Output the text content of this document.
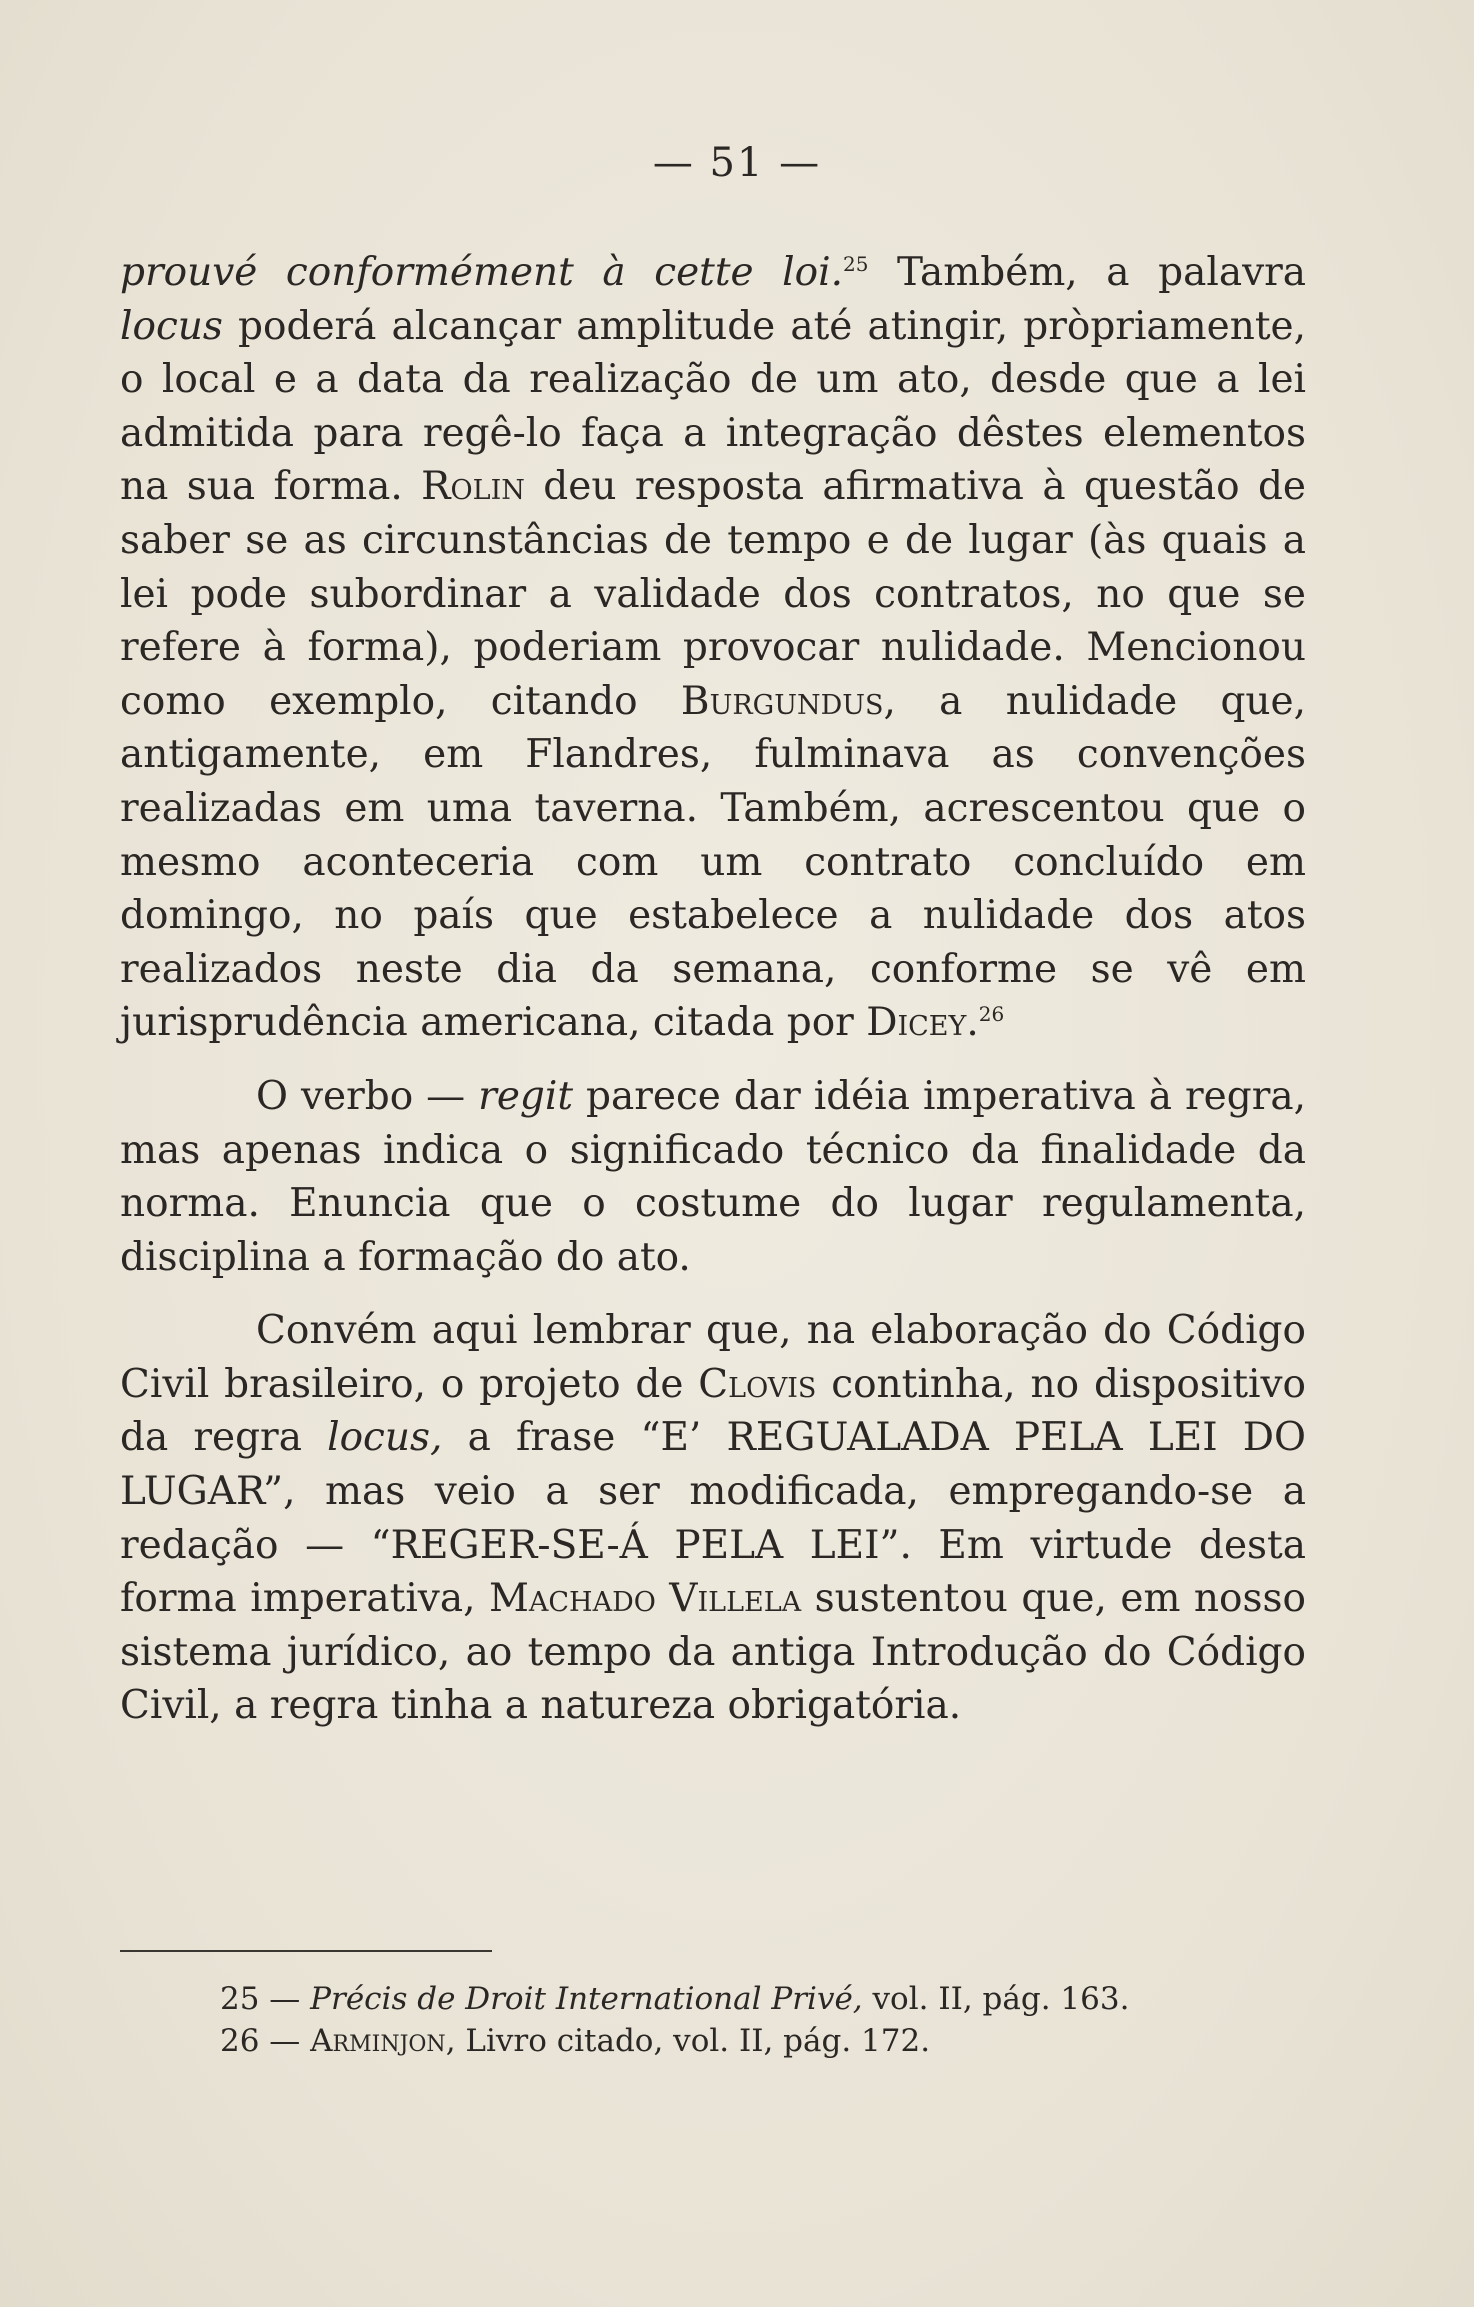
— 51 —

prouvé conformément à cette loi.$^{25}$ Também, a palavra locus poderá alcançar amplitude até atingir, pròpriamente, o local e a data da realização de um ato, desde que a lei admitida para regê-lo faça a integração dêstes elementos na sua forma. Rolin deu resposta afirmativa à questão de saber se as circunstâncias de tempo e de lugar (às quais a lei pode subordinar a validade dos contratos, no que se refere à forma), poderiam provocar nulidade. Mencionou como exemplo, citando Burgundus, a nulidade que, antigamente, em Flandres, fulminava as convenções realizadas em uma taverna. Também, acrescentou que o mesmo aconteceria com um contrato concluído em domingo, no país que estabelece a nulidade dos atos realizados neste dia da semana, conforme se vê em jurisprudência americana, citada por Dicey.$^{26}$

O verbo — regit parece dar idéia imperativa à regra, mas apenas indica o significado técnico da finalidade da norma. Enuncia que o costume do lugar regulamenta, disciplina a formação do ato.

Convém aqui lembrar que, na elaboração do Código Civil brasileiro, o projeto de Clovis continha, no dispositivo da regra locus, a frase “E’ REGUALADA PELA LEI DO LUGAR”, mas veio a ser modificada, empregando-se a redação — “REGER-SE-Á PELA LEI”. Em virtude desta forma imperativa, Machado Villela sustentou que, em nosso sistema jurídico, ao tempo da antiga Introdução do Código Civil, a regra tinha a natureza obrigatória.

25 — Précis de Droit International Privé, vol. II, pág. 163.

26 — Arminjon, Livro citado, vol. II, pág. 172.
